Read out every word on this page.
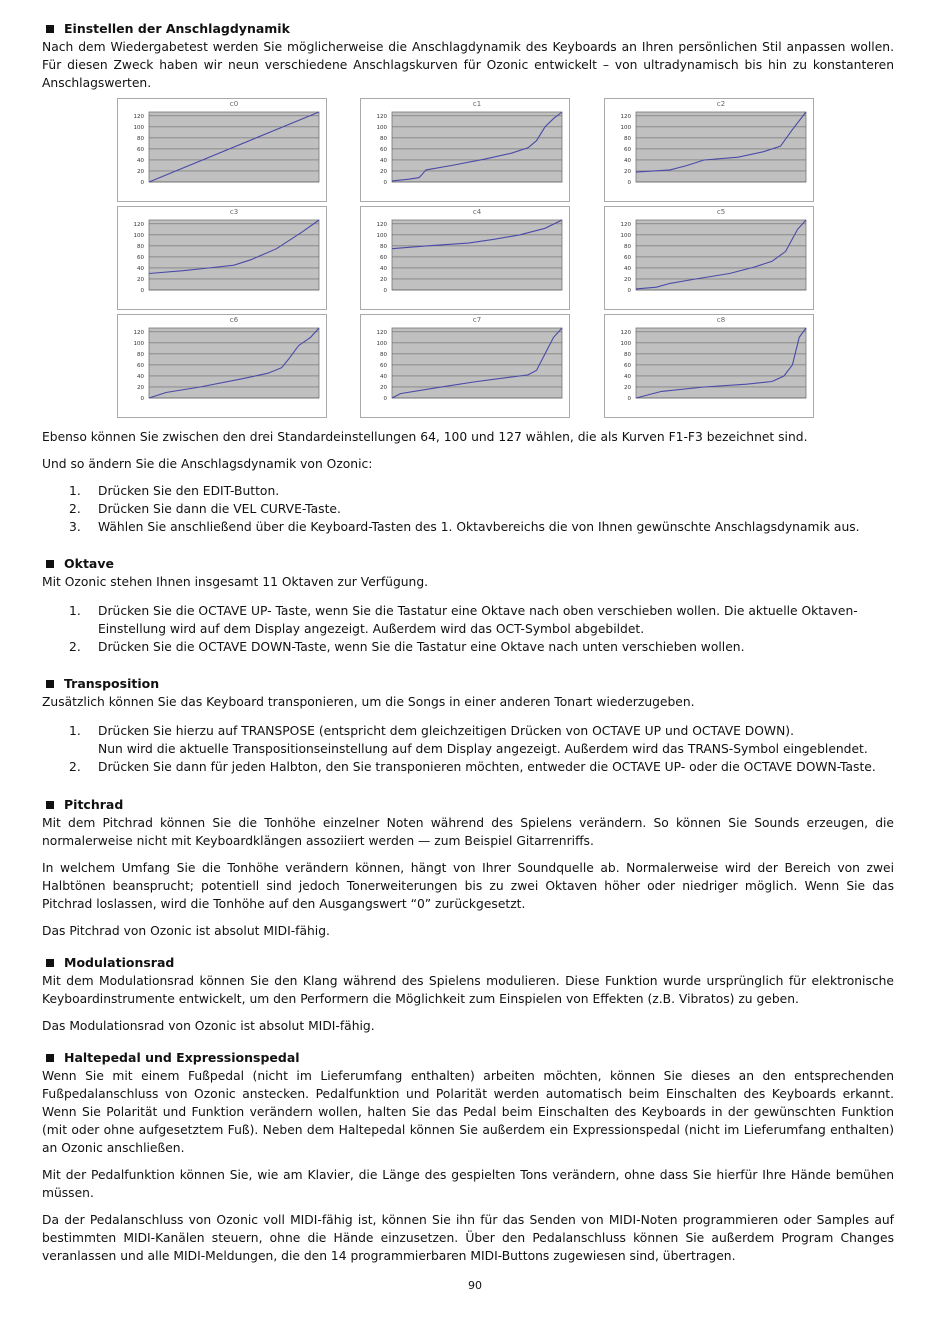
Einstellen der Anschlagdynamik

Nach dem Wiedergabetest werden Sie möglicherweise die Anschlagdynamik des Keyboards an Ihren persönlichen Stil anpassen wollen. Für diesen Zweck haben wir neun verschiedene Anschlagskurven für Ozonic entwickelt – von ultradynamisch bis hin zu konstanteren Anschlagswerten.

c0
120
100
80
60
40
20
0
c1
120
100
80
60
40
20
0
c2
120
100
80
60
40
20
0
c3
120
100
80
60
40
20
0
c4
120
100
80
60
40
20
0
c5
120
100
80
60
40
20
0
c6
120
100
80
60
40
20
0
c7
120
100
80
60
40
20
0
c8
120
100
80
60
40
20
0

Ebenso können Sie zwischen den drei Standardeinstellungen 64, 100 und 127 wählen, die als Kurven F1-F3 bezeichnet sind.

Und so ändern Sie die Anschlagsdynamik von Ozonic:

1. Drücken Sie den EDIT-Button.
2. Drücken Sie dann die VEL CURVE-Taste.
3. Wählen Sie anschließend über die Keyboard-Tasten des 1. Oktavbereichs die von Ihnen gewünschte Anschlagsdynamik aus.
Oktave

Mit Ozonic stehen Ihnen insgesamt 11 Oktaven zur Verfügung.

1. Drücken Sie die OCTAVE UP- Taste, wenn Sie die Tastatur eine Oktave nach oben verschieben wollen. Die aktuelle Oktaven-Einstellung wird auf dem Display angezeigt. Außerdem wird das OCT-Symbol abgebildet.
2. Drücken Sie die OCTAVE DOWN-Taste, wenn Sie die Tastatur eine Oktave nach unten verschieben wollen.
Transposition

Zusätzlich können Sie das Keyboard transponieren, um die Songs in einer anderen Tonart wiederzugeben.

1. Drücken Sie hierzu auf TRANSPOSE (entspricht dem gleichzeitigen Drücken von OCTAVE UP und OCTAVE DOWN).
Nun wird die aktuelle Transpositionseinstellung auf dem Display angezeigt. Außerdem wird das TRANS-Symbol eingeblendet.
2. Drücken Sie dann für jeden Halbton, den Sie transponieren möchten, entweder die OCTAVE UP- oder die OCTAVE DOWN-Taste.
Pitchrad

Mit dem Pitchrad können Sie die Tonhöhe einzelner Noten während des Spielens verändern. So können Sie Sounds erzeugen, die normalerweise nicht mit Keyboardklängen assoziiert werden — zum Beispiel Gitarrenriffs.

In welchem Umfang Sie die Tonhöhe verändern können, hängt von Ihrer Soundquelle ab. Normalerweise wird der Bereich von zwei Halbtönen beansprucht; potentiell sind jedoch Tonerweiterungen bis zu zwei Oktaven höher oder niedriger möglich. Wenn Sie das Pitchrad loslassen, wird die Tonhöhe auf den Ausgangswert “0” zurückgesetzt.

Das Pitchrad von Ozonic ist absolut MIDI-fähig.

Modulationsrad

Mit dem Modulationsrad können Sie den Klang während des Spielens modulieren. Diese Funktion wurde ursprünglich für elektronische Keyboardinstrumente entwickelt, um den Performern die Möglichkeit zum Einspielen von Effekten (z.B. Vibratos) zu geben.

Das Modulationsrad von Ozonic ist absolut MIDI-fähig.

Haltepedal und Expressionspedal

Wenn Sie mit einem Fußpedal (nicht im Lieferumfang enthalten) arbeiten möchten, können Sie dieses an den entsprechenden Fußpedalanschluss von Ozonic anstecken. Pedalfunktion und Polarität werden automatisch beim Einschalten des Keyboards erkannt. Wenn Sie Polarität und Funktion verändern wollen, halten Sie das Pedal beim Einschalten des Keyboards in der gewünschten Funktion (mit oder ohne aufgesetztem Fuß). Neben dem Haltepedal können Sie außerdem ein Expressionspedal (nicht im Lieferumfang enthalten) an Ozonic anschließen.

Mit der Pedalfunktion können Sie, wie am Klavier, die Länge des gespielten Tons verändern, ohne dass Sie hierfür Ihre Hände bemühen müssen.

Da der Pedalanschluss von Ozonic voll MIDI-fähig ist, können Sie ihn für das Senden von MIDI-Noten programmieren oder Samples auf bestimmten MIDI-Kanälen steuern, ohne die Hände einzusetzen. Über den Pedalanschluss können Sie außerdem Program Changes veranlassen und alle MIDI-Meldungen, die den 14 programmierbaren MIDI-Buttons zugewiesen sind, übertragen.

90
